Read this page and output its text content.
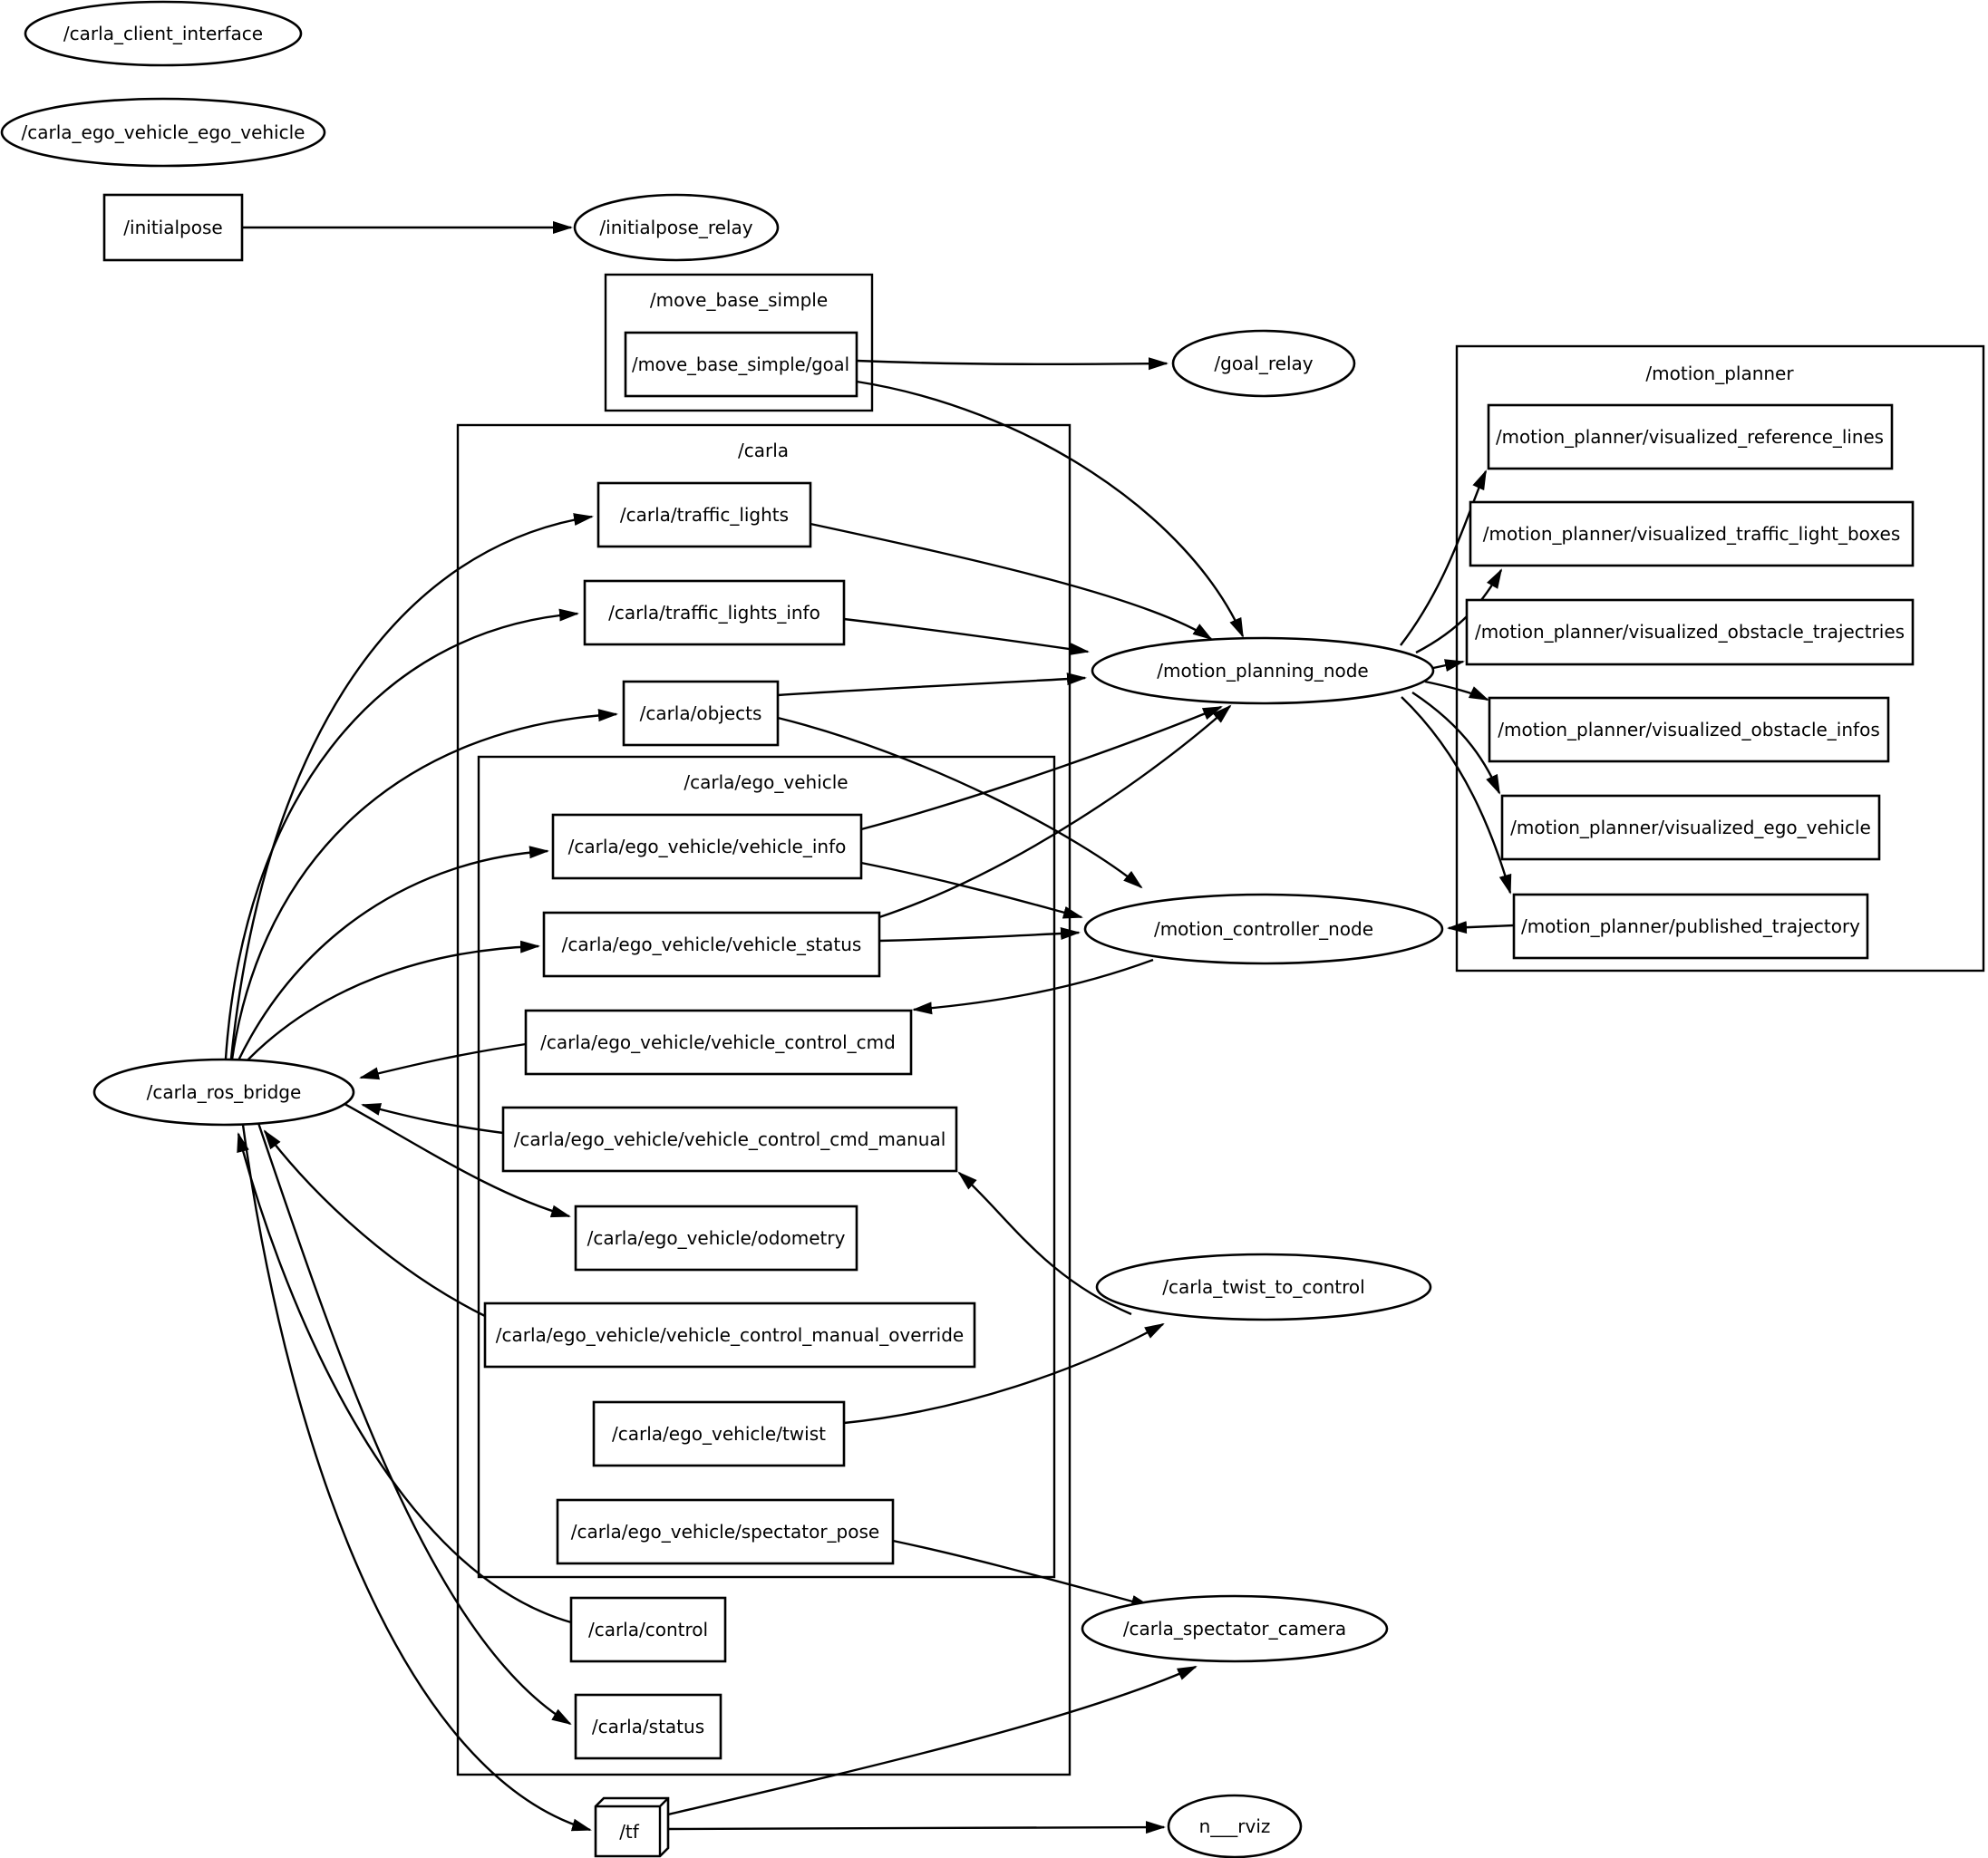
/move_base_simple
/carla
/carla/ego_vehicle
/motion_planner
/carla_client_interface
/carla_ego_vehicle_ego_vehicle
/initialpose_relay
/goal_relay
/motion_planning_node
/motion_controller_node
/carla_ros_bridge
/carla_twist_to_control
/carla_spectator_camera
n___rviz
/initialpose
/move_base_simple/goal
/carla/traffic_lights
/carla/traffic_lights_info
/carla/objects
/carla/ego_vehicle/vehicle_info
/carla/ego_vehicle/vehicle_status
/carla/ego_vehicle/vehicle_control_cmd
/carla/ego_vehicle/vehicle_control_cmd_manual
/carla/ego_vehicle/odometry
/carla/ego_vehicle/vehicle_control_manual_override
/carla/ego_vehicle/twist
/carla/ego_vehicle/spectator_pose
/carla/control
/carla/status
/tf
/motion_planner/visualized_reference_lines
/motion_planner/visualized_traffic_light_boxes
/motion_planner/visualized_obstacle_trajectries
/motion_planner/visualized_obstacle_infos
/motion_planner/visualized_ego_vehicle
/motion_planner/published_trajectory
